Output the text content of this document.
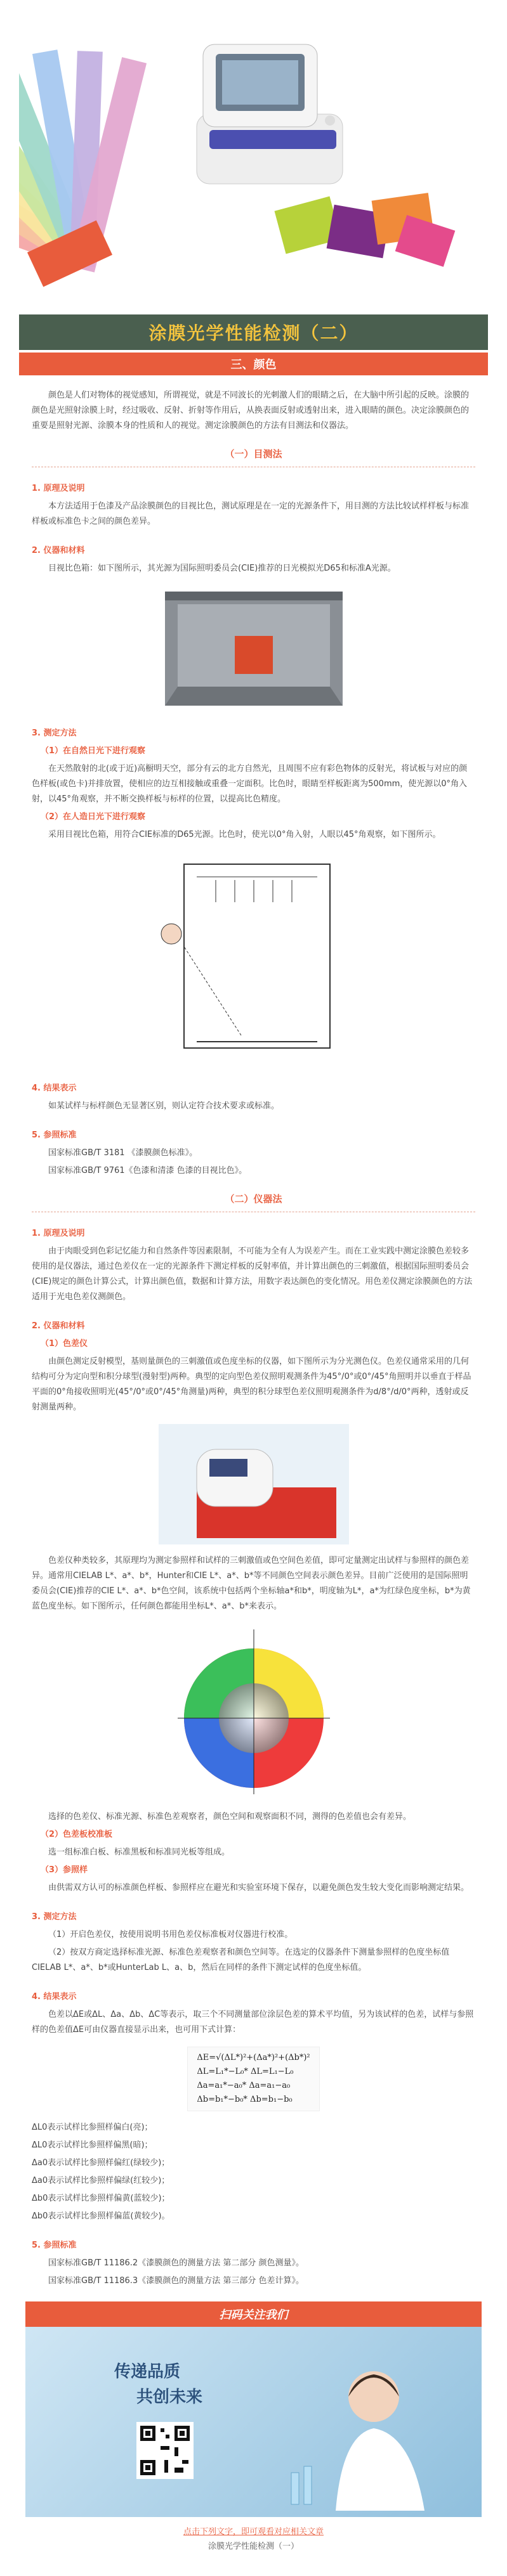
涂膜光学性能检测（二）
三、颜色

颜色是人们对物体的视觉感知，所谓视觉，就是不同波长的光刺激人们的眼睛之后，在大脑中所引起的反映。涂膜的颜色是光照射涂膜上时，经过吸收、反射、折射等作用后，从换表面反射或透射出来，进入眼睛的颜色。决定涂膜颜色的重要是照射光源、涂膜本身的性质和人的视觉。测定涂膜颜色的方法有目测法和仪器法。

（一）目测法

1. 原理及说明

本方法适用于色漆及产品涂膜颜色的目视比色，测试原理是在一定的光源条件下，用目测的方法比较试样样板与标准样板或标准色卡之间的颜色差异。

2. 仪器和材料

目视比色箱：如下图所示，其光源为国际照明委员会(CIE)推荐的日光模拟光D65和标准A光源。

3. 测定方法

（1）在自然日光下进行观察

在天然散射的北(或于近)高橱明天空，部分有云的北方自然光，且周围不应有彩色物体的反射光，将试板与对应的颜色样板(或色卡)并排放置，使相应的边互相接触或重叠一定面积。比色时，眼睛至样板距离为500mm，使光源以0°角入射，以45°角观察，并不断交换样板与标样的位置，以提高比色精度。

（2）在人造日光下进行观察

采用目视比色箱，用符合CIE标准的D65光源。比色时，使光以0°角入射，人眼以45°角观察，如下图所示。

4. 结果表示

如某试样与标样颜色无显著区别，则认定符合技术要求或标准。

5. 参照标准

国家标准GB/T 3181 《漆膜颜色标准》。

国家标准GB/T 9761《色漆和清漆 色漆的目视比色》。

（二）仪器法

1. 原理及说明

由于肉眼受到色彩记忆能力和自然条件等因素限制，不可能为全有人为误差产生。而在工业实践中测定涂膜色差较多使用的是仪器法，通过色差仪在一定的光源条件下测定样板的反射率值，并计算出颜色的三刺激值，根据国际照明委员会(CIE)规定的颜色计算公式，计算出颜色值，数据和计算方法，用数字表达颜色的变化情况。用色差仪测定涂膜颜色的方法适用于光电色差仪测颜色。

2. 仪器和材料

（1）色差仪

由颜色测定反射模型，基则量颜色的三刺激值或色度坐标的仪器，如下图所示为分光测色仪。色差仪通常采用的几何结构可分为定向型和积分球型(漫射型)两种。典型的定向型色差仪照明观测条件为45°/0°或0°/45°角照明并以垂直于样品平面的0°角接收照明光(45°/0°或0°/45°角测量)两种，典型的积分球型色差仪照明观测条件为d/8°/d/0°两种，透射或反射测量两种。

色差仪种类较多，其原理均为测定参照样和试样的三刺激值或色空间色差值，即可定量测定出试样与参照样的颜色差异。通常用CIELAB L*、a*、b*，Hunter和CIE L*、a*、b*等不同颜色空间表示颜色差异。目前广泛使用的是国际照明委员会(CIE)推荐的CIE L*、a*、b*色空间，该系统中包括两个坐标轴a*和b*，明度轴为L*，a*为红绿色度坐标，b*为黄蓝色度坐标。如下图所示，任何颜色都能用坐标L*、a*、b*来表示。

选择的色差仪、标准光源、标准色差观察者，颜色空间和观察面积不同，测得的色差值也会有差异。

（2）色差板校准板

选一组标准白板、标准黑板和标准同光板等组成。

（3）参照样

由供需双方认可的标准颜色样板、参照样应在避光和实验室环境下保存，以避免颜色发生较大变化而影响测定结果。

3. 测定方法

（1）开启色差仪，按使用说明书用色差仪标准板对仪器进行校准。

（2）按双方商定选择标准光源、标准色差观察者和颜色空间等。在选定的仪器条件下测量参照样的色度坐标值CIELAB L*、a*、b*或HunterLab L、a、b，然后在同样的条件下测定试样的色度坐标值。

4. 结果表示

色差以ΔE或ΔL、Δa、Δb、ΔC等表示，取三个不同测量部位涂层色差的算术平均值，另为该试样的色差，试样与参照样的色差值ΔE可由仪器直接显示出来，也可用下式计算：

ΔE=√(ΔL*)²+(Δa*)²+(Δb*)²
ΔL=L₁*−L₀* ΔL=L₁−L₀
Δa=a₁*−a₀* Δa=a₁−a₀
Δb=b₁*−b₀* Δb=b₁−b₀

ΔL0表示试样比参照样偏白(亮)；

ΔL0表示试样比参照样偏黑(暗)；

Δa0表示试样比参照样偏红(绿较少)；

Δa0表示试样比参照样偏绿(红较少)；

Δb0表示试样比参照样偏黄(蓝较少)；

Δb0表示试样比参照样偏蓝(黄较少)。

5. 参照标准

国家标准GB/T 11186.2《漆膜颜色的测量方法 第二部分 颜色测量》。

国家标准GB/T 11186.3《漆膜颜色的测量方法 第三部分 色差计算》。

扫码关注我们
传递品质
共创未来

点击下列文字，即可观看对应相关文章

涂膜光学性能检测（一）
